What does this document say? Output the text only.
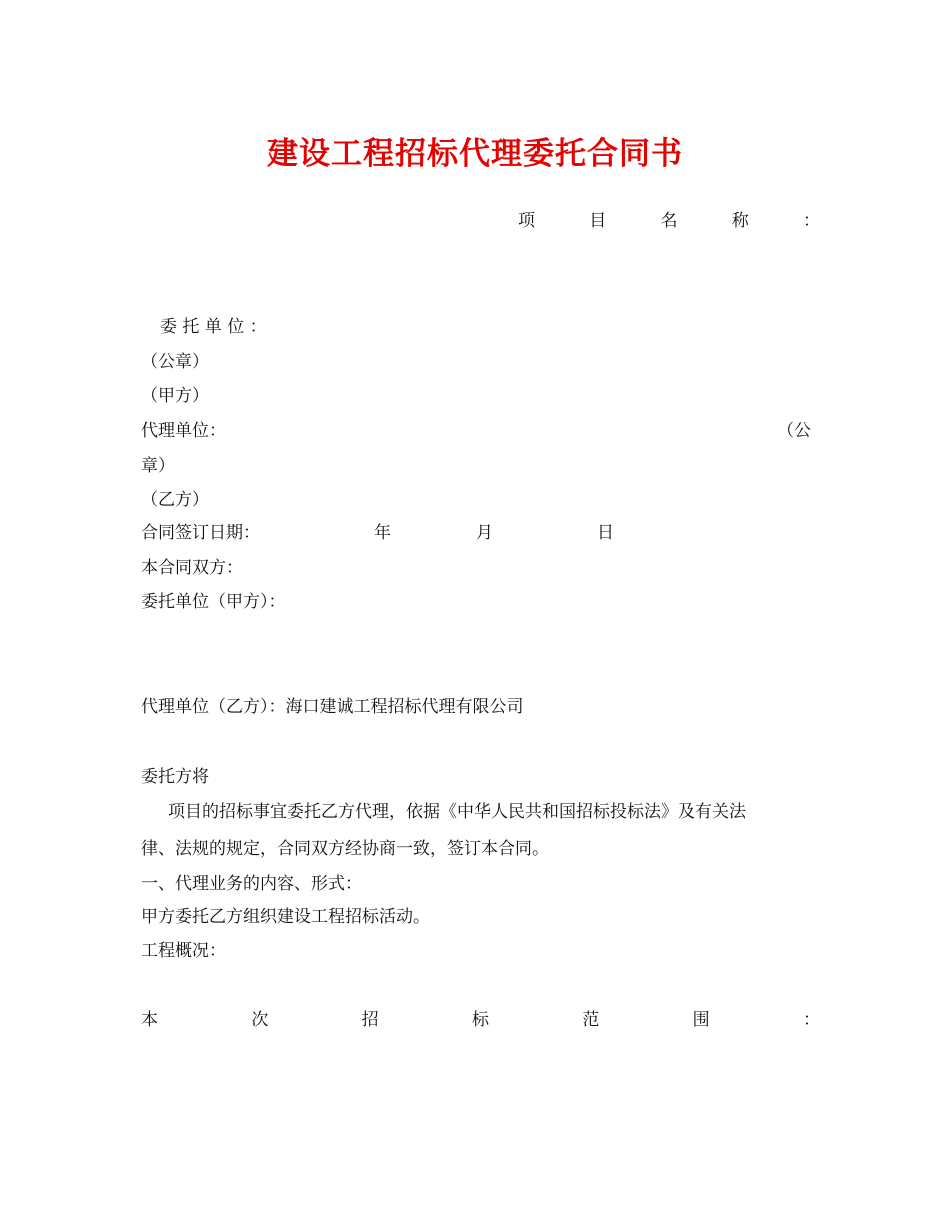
建设工程招标代理委托合同书
项	目	名	称	：
委 托 单 位 ：
（公章）
（甲方）
代理单位：	（公
章）
（乙方）
合同签订日期：	年	月	日
本合同双方：
委托单位（甲方）：
代理单位（乙方）：海口建诚工程招标代理有限公司
委托方将
项目的招标事宜委托乙方代理，依据《中华人民共和国招标投标法》及有关法
律、法规的规定，合同双方经协商一致，签订本合同。
一、代理业务的内容、形式：
甲方委托乙方组织建设工程招标活动。
工程概况：
本	次	招	标	范	围	：
